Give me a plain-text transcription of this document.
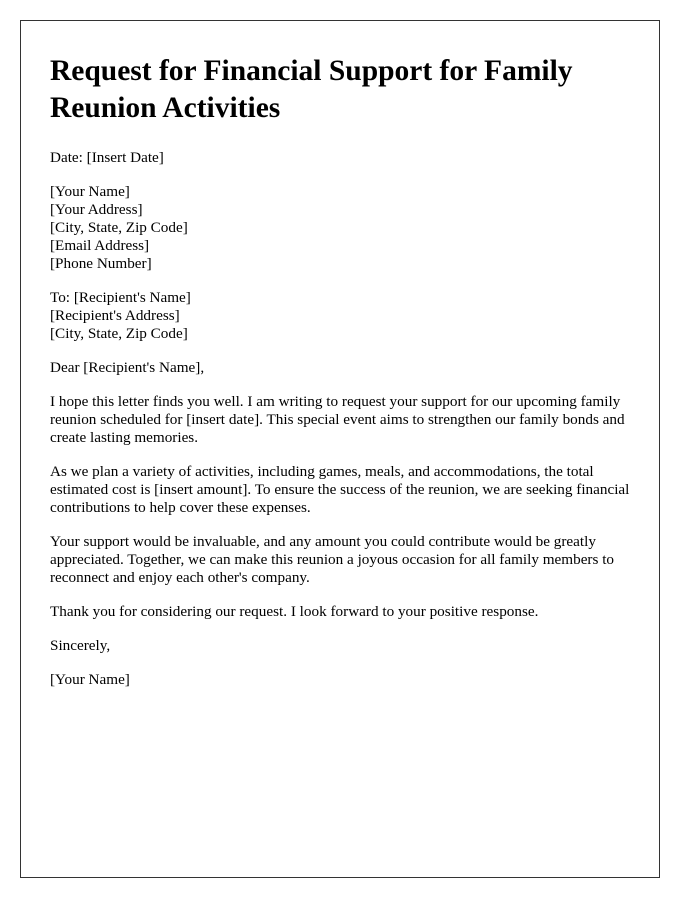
Request for Financial Support for Family Reunion Activities

Date: [Insert Date]

[Your Name]
[Your Address]
[City, State, Zip Code]
[Email Address]
[Phone Number]

To: [Recipient's Name]
[Recipient's Address]
[City, State, Zip Code]

Dear [Recipient's Name],

I hope this letter finds you well. I am writing to request your support for our upcoming family reunion scheduled for [insert date]. This special event aims to strengthen our family bonds and create lasting memories.

As we plan a variety of activities, including games, meals, and accommodations, the total estimated cost is [insert amount]. To ensure the success of the reunion, we are seeking financial contributions to help cover these expenses.

Your support would be invaluable, and any amount you could contribute would be greatly appreciated. Together, we can make this reunion a joyous occasion for all family members to reconnect and enjoy each other's company.

Thank you for considering our request. I look forward to your positive response.

Sincerely,

[Your Name]
